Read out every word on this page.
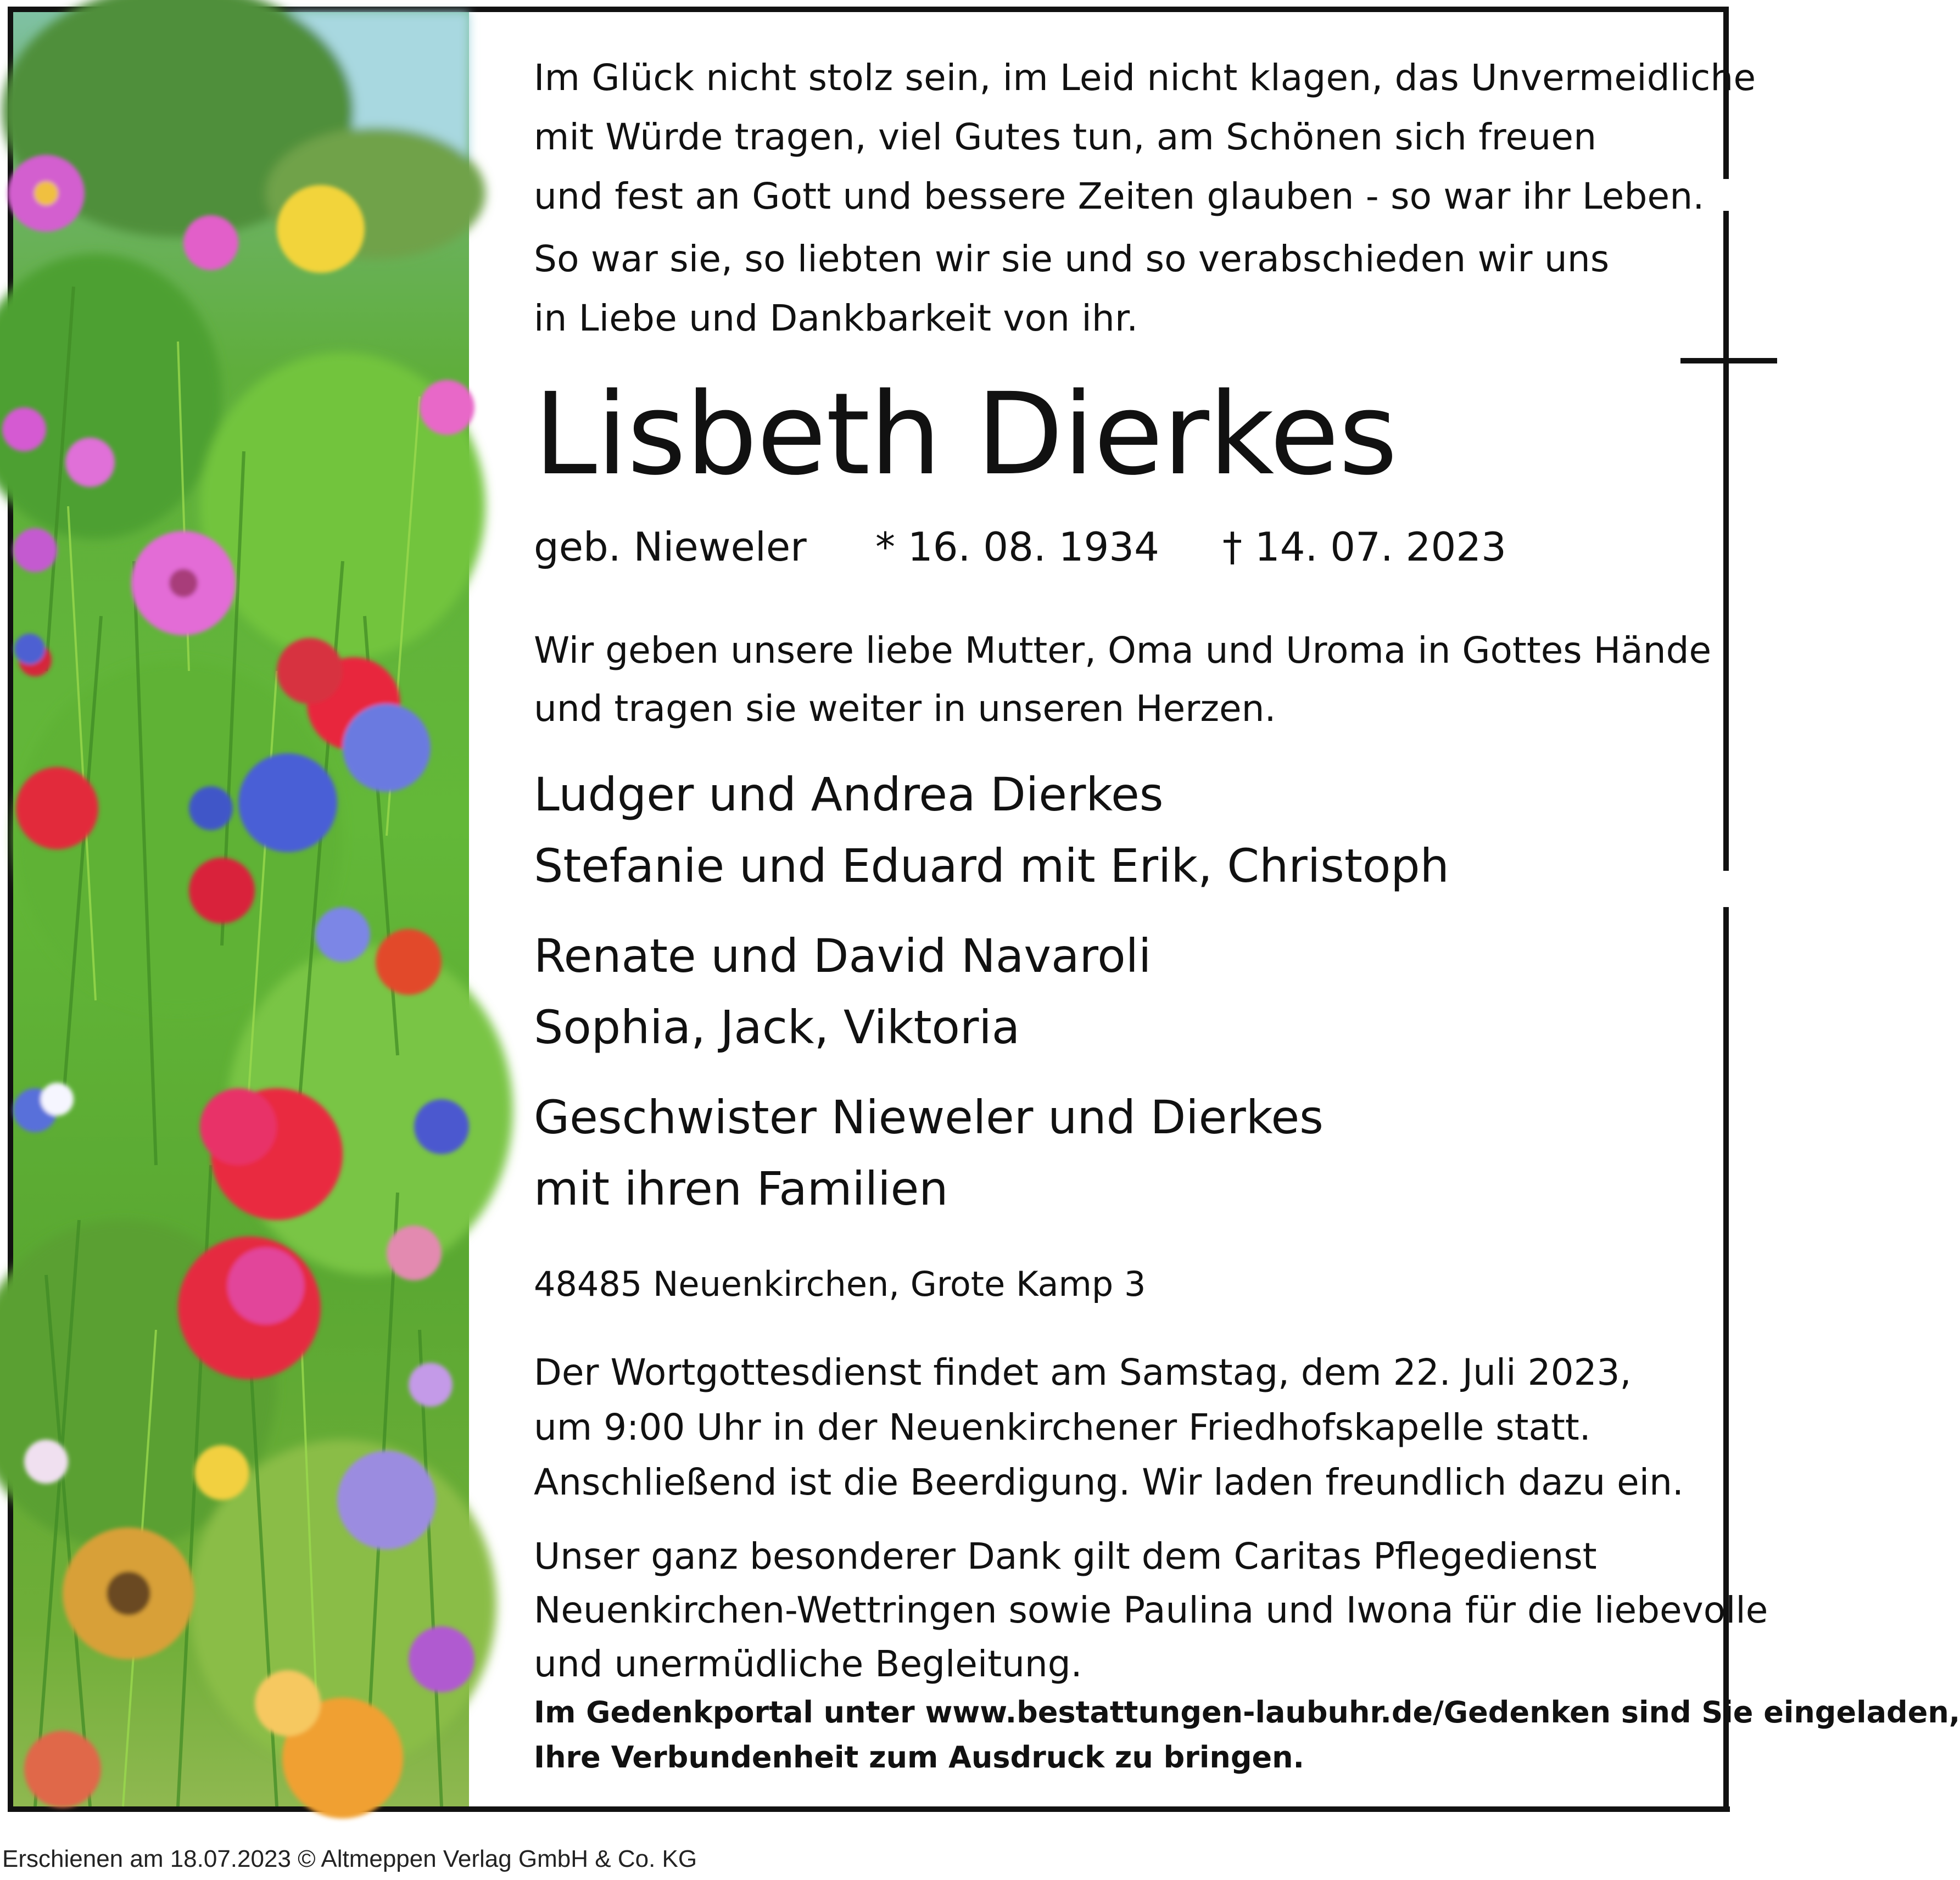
Im Glück nicht stolz sein, im Leid nicht klagen, das Unvermeidliche
mit Würde tragen, viel Gutes tun, am Schönen sich freuen
und fest an Gott und bessere Zeiten glauben - so war ihr Leben.
So war sie, so liebten wir sie und so verabschieden wir uns
in Liebe und Dankbarkeit von ihr.
Lisbeth Dierkes
geb. Nieweler * 16. 08. 1934 † 14. 07. 2023
Wir geben unsere liebe Mutter, Oma und Uroma in Gottes Hände
und tragen sie weiter in unseren Herzen.
Ludger und Andrea Dierkes
Stefanie und Eduard mit Erik, Christoph
Renate und David Navaroli
Sophia, Jack, Viktoria
Geschwister Nieweler und Dierkes
mit ihren Familien
48485 Neuenkirchen, Grote Kamp 3
Der Wortgottesdienst findet am Samstag, dem 22. Juli 2023,
um 9:00 Uhr in der Neuenkirchener Friedhofskapelle statt.
Anschließend ist die Beerdigung. Wir laden freundlich dazu ein.
Unser ganz besonderer Dank gilt dem Caritas Pflegedienst
Neuenkirchen-Wettringen sowie Paulina und Iwona für die liebevolle
und unermüdliche Begleitung.
Im Gedenkportal unter www.bestattungen-laubuhr.de/Gedenken sind Sie eingeladen,
Ihre Verbundenheit zum Ausdruck zu bringen.
Erschienen am 18.07.2023 © Altmeppen Verlag GmbH & Co. KG
